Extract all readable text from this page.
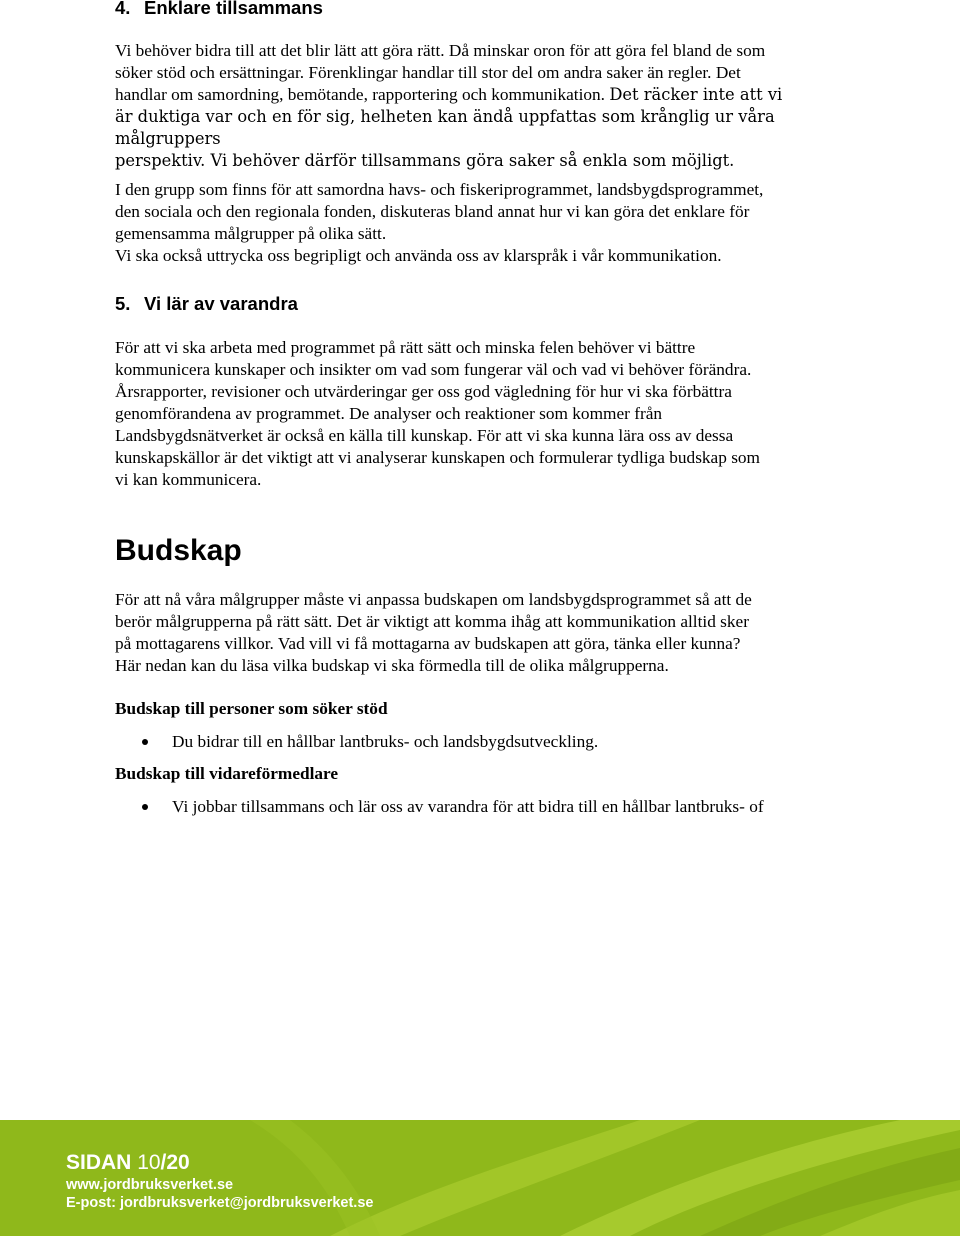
4. Enklare tillsammans

Vi behöver bidra till att det blir lätt att göra rätt. Då minskar oron för att göra fel bland de som

söker stöd och ersättningar. Förenklingar handlar till stor del om andra saker än regler. Det

handlar om samordning, bemötande, rapportering och kommunikation. Det räcker inte att vi

är duktiga var och en för sig, helheten kan ändå uppfattas som krånglig ur våra målgruppers

perspektiv. Vi behöver därför tillsammans göra saker så enkla som möjligt.

I den grupp som finns för att samordna havs- och fiskeriprogrammet, landsbygdsprogrammet,

den sociala och den regionala fonden, diskuteras bland annat hur vi kan göra det enklare för

gemensamma målgrupper på olika sätt.

Vi ska också uttrycka oss begripligt och använda oss av klarspråk i vår kommunikation.

5. Vi lär av varandra

För att vi ska arbeta med programmet på rätt sätt och minska felen behöver vi bättre

kommunicera kunskaper och insikter om vad som fungerar väl och vad vi behöver förändra.

Årsrapporter, revisioner och utvärderingar ger oss god vägledning för hur vi ska förbättra

genomförandena av programmet. De analyser och reaktioner som kommer från

Landsbygdsnätverket är också en källa till kunskap. För att vi ska kunna lära oss av dessa

kunskapskällor är det viktigt att vi analyserar kunskapen och formulerar tydliga budskap som

vi kan kommunicera.

Budskap

För att nå våra målgrupper måste vi anpassa budskapen om landsbygdsprogrammet så att de

berör målgrupperna på rätt sätt. Det är viktigt att komma ihåg att kommunikation alltid sker

på mottagarens villkor. Vad vill vi få mottagarna av budskapen att göra, tänka eller kunna?

Här nedan kan du läsa vilka budskap vi ska förmedla till de olika målgrupperna.

Budskap till personer som söker stöd
Du bidrar till en hållbar lantbruks- och landsbygdsutveckling.
Budskap till vidareförmedlare
Vi jobbar tillsammans och lär oss av varandra för att bidra till en hållbar lantbruks- of
SIDAN 10/20
www.jordbruksverket.se
E-post: jordbruksverket@jordbruksverket.se
